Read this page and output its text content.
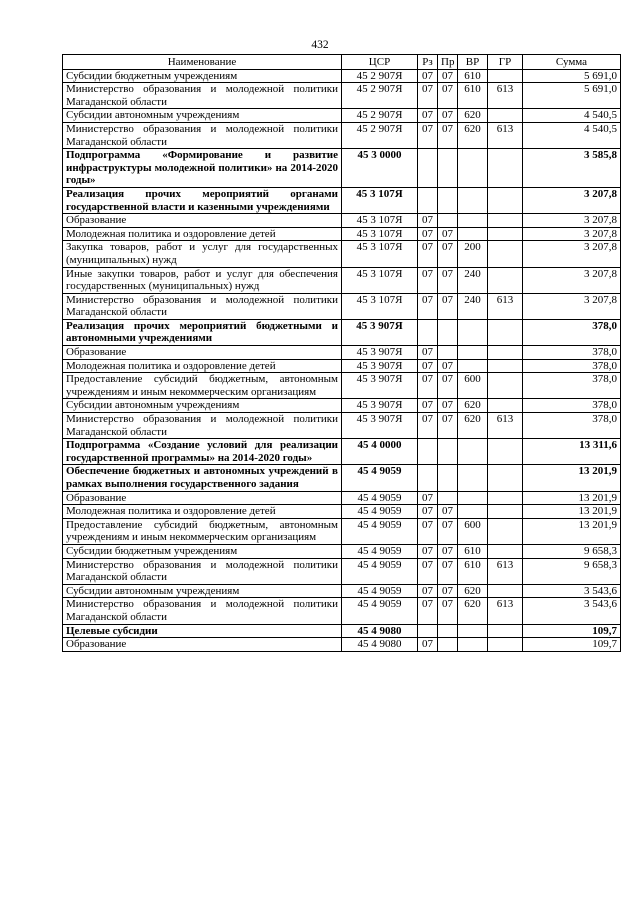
432
Наименование	ЦСР	Рз	Пр	ВР	ГР	Сумма
Субсидии бюджетным учреждениям	45 2 907Я	07	07	610		5 691,0
Министерство образования и молодежной политики Магаданской области	45 2 907Я	07	07	610	613	5 691,0
Субсидии автономным учреждениям	45 2 907Я	07	07	620		4 540,5
Министерство образования и молодежной политики Магаданской области	45 2 907Я	07	07	620	613	4 540,5
Подпрограмма «Формирование и развитие инфраструктуры молодежной политики» на 2014-2020 годы»	45 3 0000					3 585,8
Реализация прочих мероприятий органами государственной власти и казенными учреждениями	45 3 107Я					3 207,8
Образование	45 3 107Я	07				3 207,8
Молодежная политика и оздоровление детей	45 3 107Я	07	07			3 207,8
Закупка товаров, работ и услуг для государственных (муниципальных) нужд	45 3 107Я	07	07	200		3 207,8
Иные закупки товаров, работ и услуг для обеспечения государственных (муниципальных) нужд	45 3 107Я	07	07	240		3 207,8
Министерство образования и молодежной политики Магаданской области	45 3 107Я	07	07	240	613	3 207,8
Реализация прочих мероприятий бюджетными и автономными учреждениями	45 3 907Я					378,0
Образование	45 3 907Я	07				378,0
Молодежная политика и оздоровление детей	45 3 907Я	07	07			378,0
Предоставление субсидий бюджетным, автономным учреждениям и иным некоммерческим организациям	45 3 907Я	07	07	600		378,0
Субсидии автономным учреждениям	45 3 907Я	07	07	620		378,0
Министерство образования и молодежной политики Магаданской области	45 3 907Я	07	07	620	613	378,0
Подпрограмма «Создание условий для реализации государственной программы» на 2014-2020 годы»	45 4 0000					13 311,6
Обеспечение бюджетных и автономных учреждений в рамках выполнения государственного задания	45 4 9059					13 201,9
Образование	45 4 9059	07				13 201,9
Молодежная политика и оздоровление детей	45 4 9059	07	07			13 201,9
Предоставление субсидий бюджетным, автономным учреждениям и иным некоммерческим организациям	45 4 9059	07	07	600		13 201,9
Субсидии бюджетным учреждениям	45 4 9059	07	07	610		9 658,3
Министерство образования и молодежной политики Магаданской области	45 4 9059	07	07	610	613	9 658,3
Субсидии автономным учреждениям	45 4 9059	07	07	620		3 543,6
Министерство образования и молодежной политики Магаданской области	45 4 9059	07	07	620	613	3 543,6
Целевые субсидии	45 4 9080					109,7
Образование	45 4 9080	07				109,7
